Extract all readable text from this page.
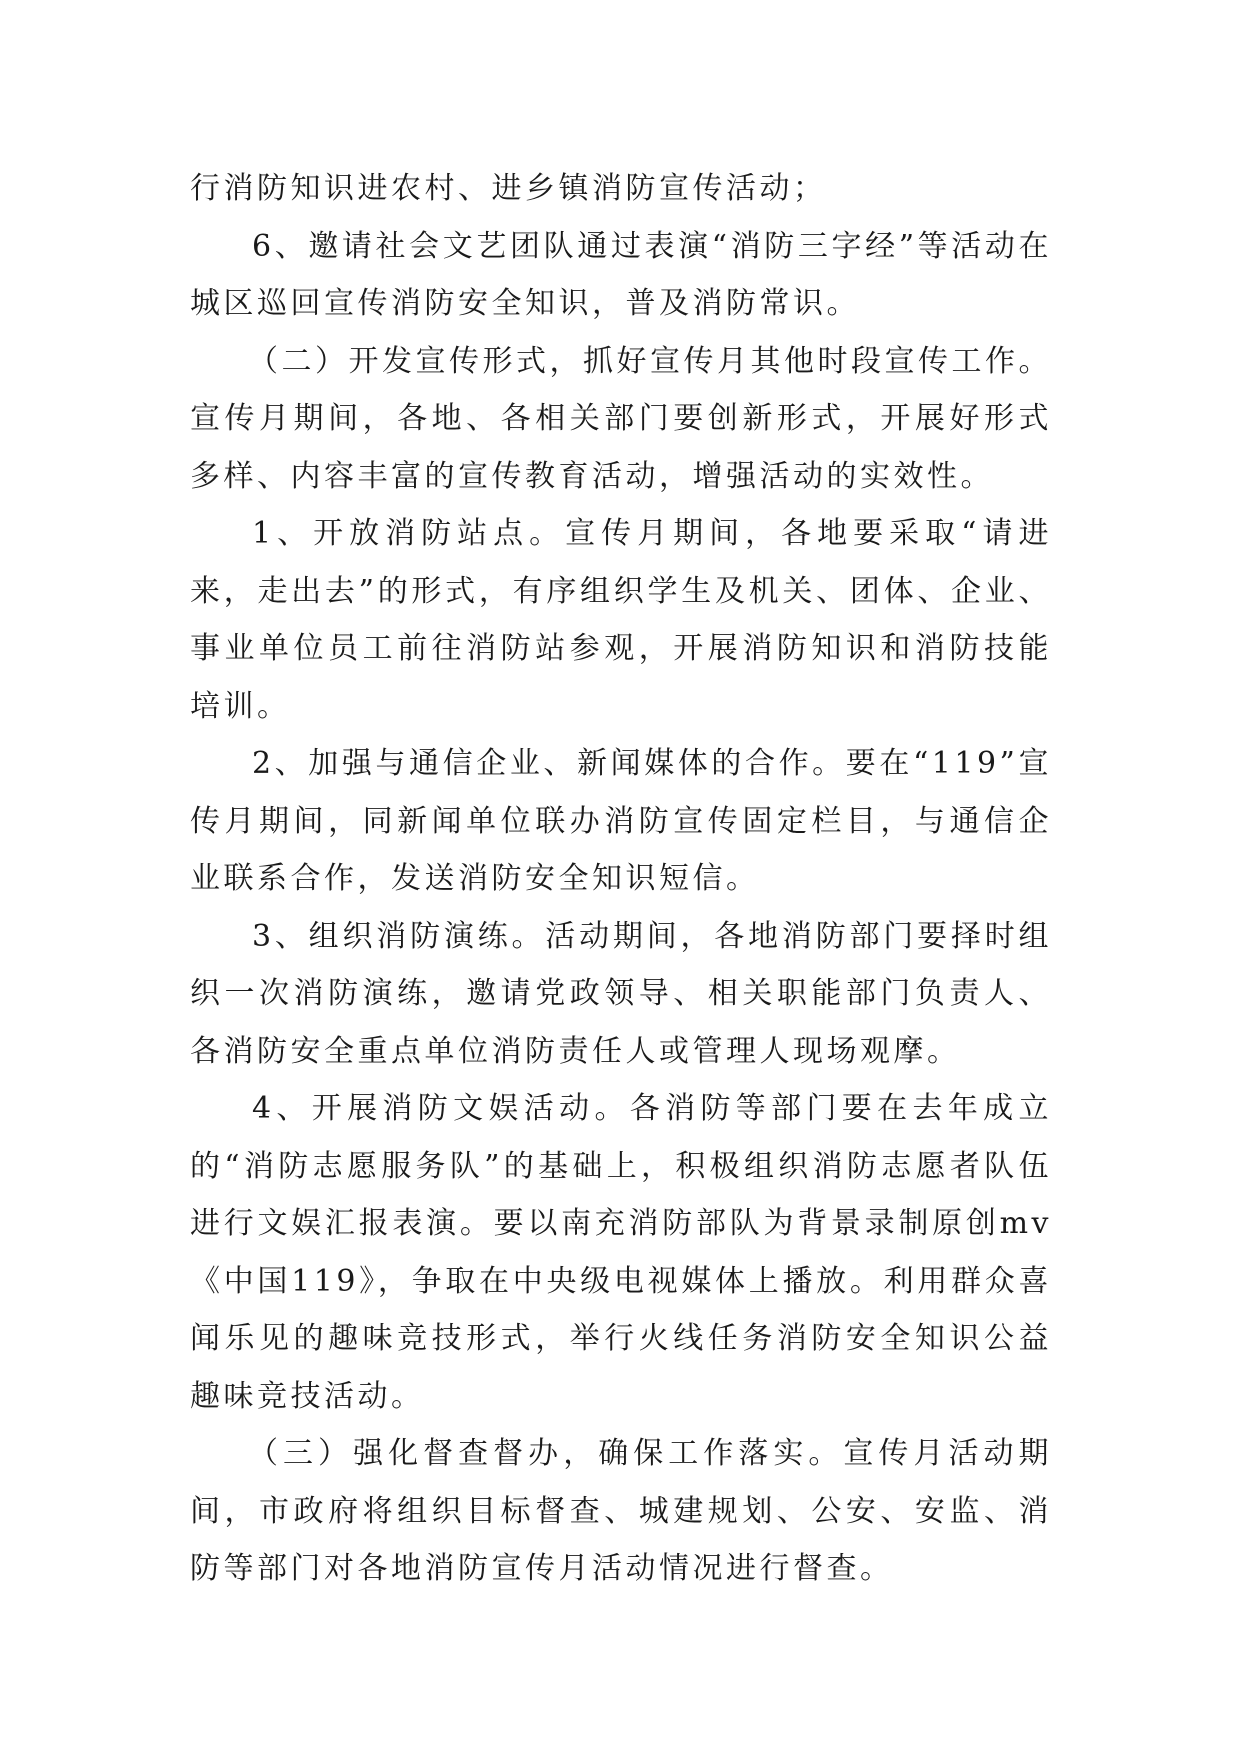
行消防知识进农村、进乡镇消防宣传活动；

6、邀请社会文艺团队通过表演“消防三字经”等活动在城区巡回宣传消防安全知识，普及消防常识。

（二）开发宣传形式，抓好宣传月其他时段宣传工作。宣传月期间，各地、各相关部门要创新形式，开展好形式多样、内容丰富的宣传教育活动，增强活动的实效性。

1、开放消防站点。宣传月期间，各地要采取“请进来，走出去”的形式，有序组织学生及机关、团体、企业、事业单位员工前往消防站参观，开展消防知识和消防技能培训。

2、加强与通信企业、新闻媒体的合作。要在“119”宣传月期间，同新闻单位联办消防宣传固定栏目，与通信企业联系合作，发送消防安全知识短信。

3、组织消防演练。活动期间，各地消防部门要择时组织一次消防演练，邀请党政领导、相关职能部门负责人、各消防安全重点单位消防责任人或管理人现场观摩。

4、开展消防文娱活动。各消防等部门要在去年成立的“消防志愿服务队”的基础上，积极组织消防志愿者队伍进行文娱汇报表演。要以南充消防部队为背景录制原创mv《中国119》，争取在中央级电视媒体上播放。利用群众喜闻乐见的趣味竞技形式，举行火线任务消防安全知识公益趣味竞技活动。

（三）强化督查督办，确保工作落实。宣传月活动期间，市政府将组织目标督查、城建规划、公安、安监、消防等部门对各地消防宣传月活动情况进行督查。
